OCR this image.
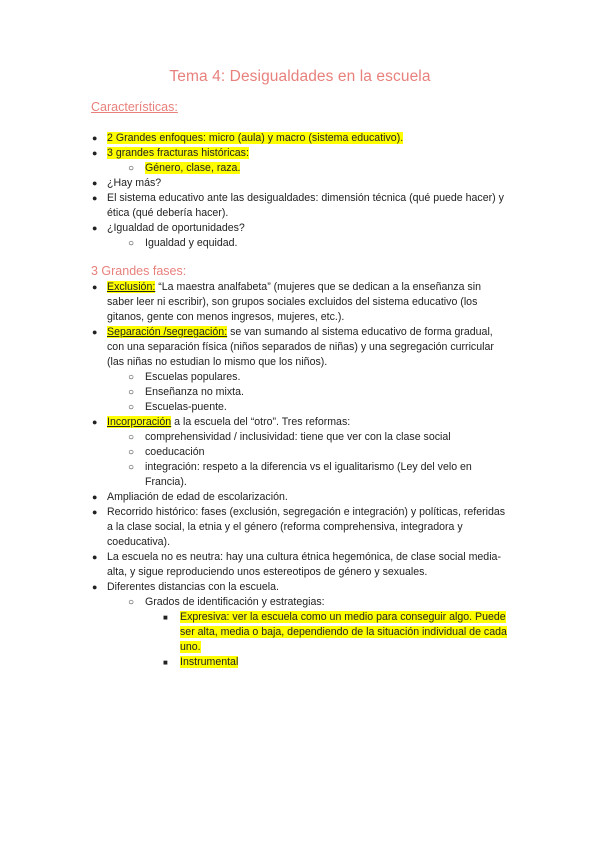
Tema 4: Desigualdades en la escuela
Características:
● 2 Grandes enfoques: micro (aula) y macro (sistema educativo).
● 3 grandes fracturas históricas:
○ Género, clase, raza.
● ¿Hay más?
● El sistema educativo ante las desigualdades: dimensión técnica (qué puede hacer) y
ética (qué debería hacer).
● ¿Igualdad de oportunidades?
○ Igualdad y equidad.
3 Grandes fases:
● Exclusión: “La maestra analfabeta” (mujeres que se dedican a la enseñanza sin
saber leer ni escribir), son grupos sociales excluidos del sistema educativo (los
gitanos, gente con menos ingresos, mujeres, etc.).
● Separación /segregación: se van sumando al sistema educativo de forma gradual,
con una separación física (niños separados de niñas) y una segregación curricular
(las niñas no estudian lo mismo que los niños).
○ Escuelas populares.
○ Enseñanza no mixta.
○ Escuelas-puente.
● Incorporación a la escuela del “otro”. Tres reformas:
○ comprehensividad / inclusividad: tiene que ver con la clase social
○ coeducación
○ integración: respeto a la diferencia vs el igualitarismo (Ley del velo en
Francia).
● Ampliación de edad de escolarización.
● Recorrido histórico: fases (exclusión, segregación e integración) y políticas, referidas
a la clase social, la etnia y el género (reforma comprehensiva, integradora y
coeducativa).
● La escuela no es neutra: hay una cultura étnica hegemónica, de clase social media-
alta, y sigue reproduciendo unos estereotipos de género y sexuales.
● Diferentes distancias con la escuela.
○ Grados de identificación y estrategias:
■ Expresiva: ver la escuela como un medio para conseguir algo. Puede
ser alta, media o baja, dependiendo de la situación individual de cada
uno.
■ Instrumental
